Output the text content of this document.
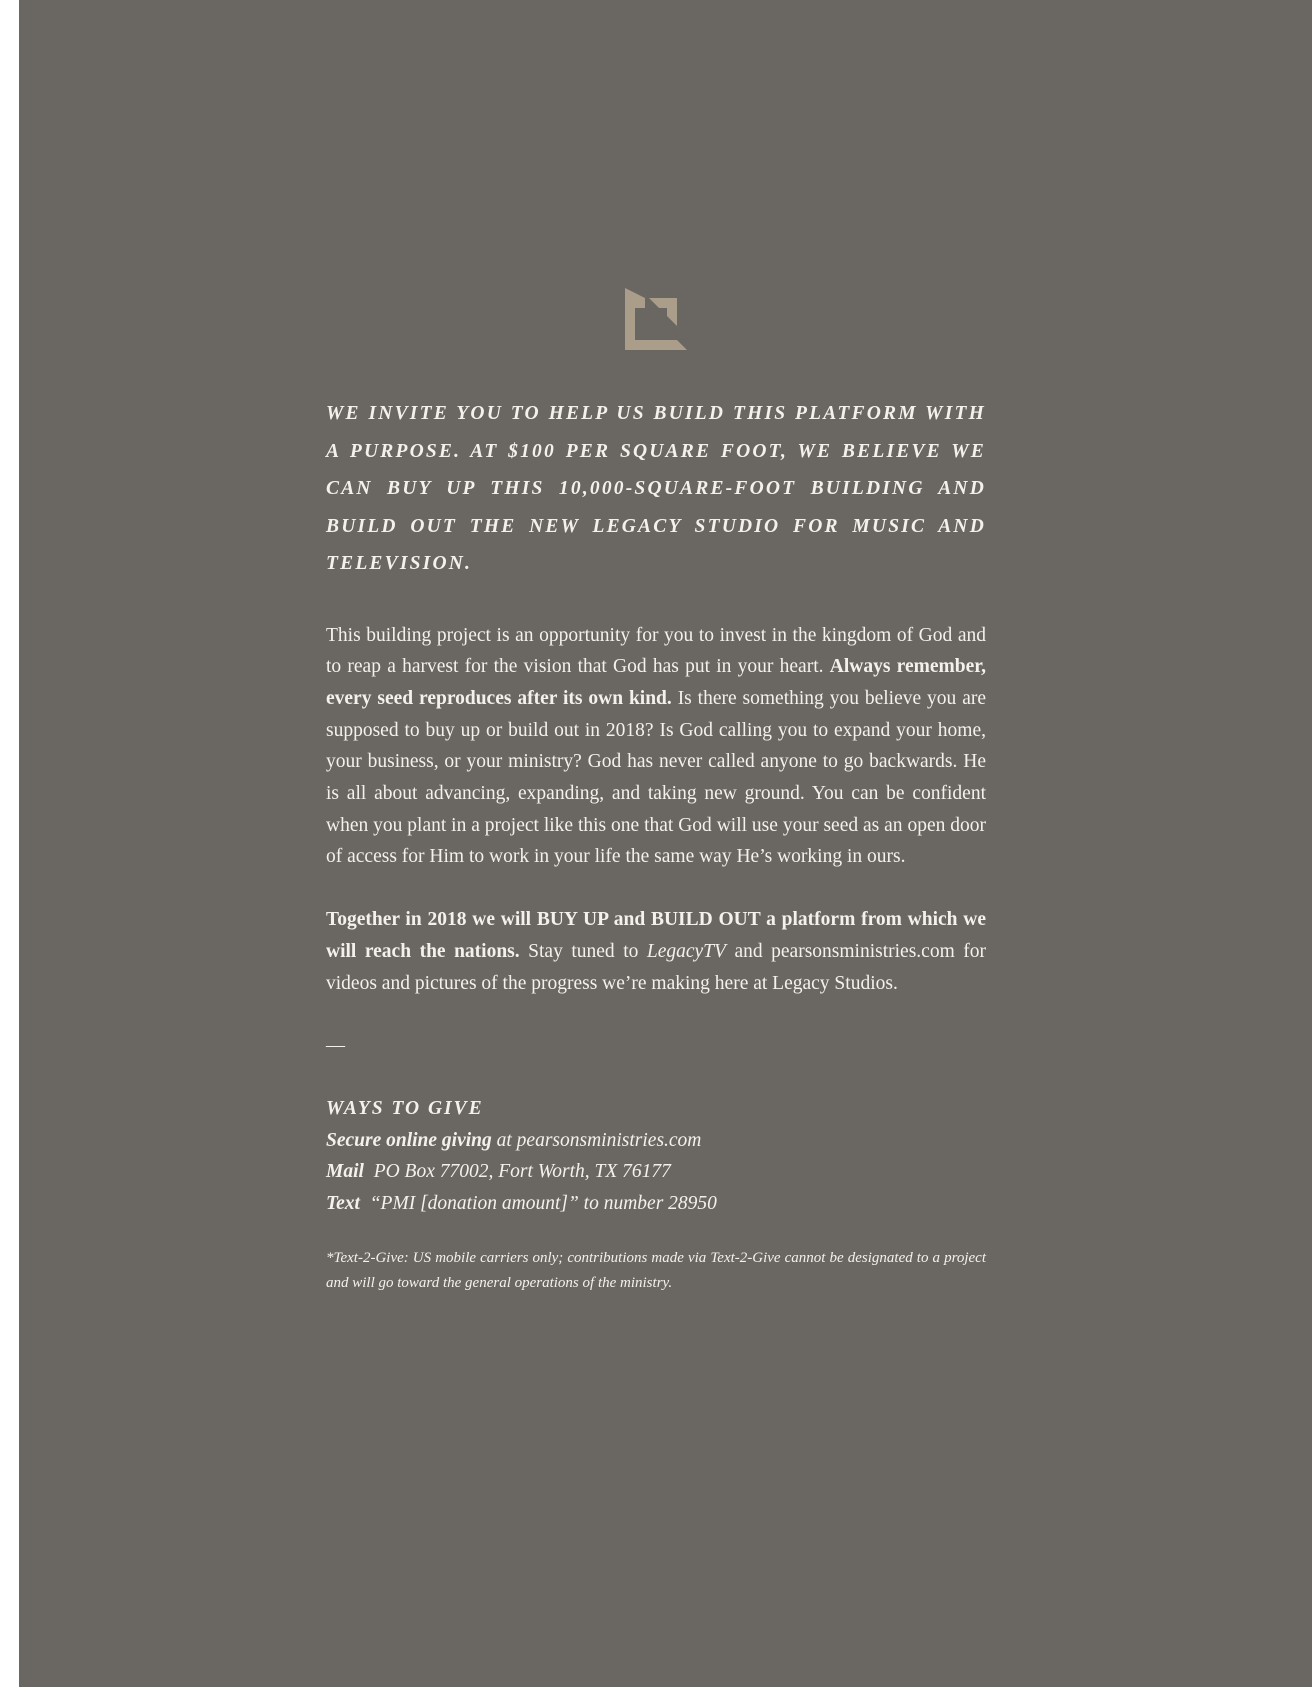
WE INVITE YOU TO HELP US BUILD THIS PLATFORM WITH A PURPOSE. AT $100 PER SQUARE FOOT, WE BELIEVE WE CAN BUY UP THIS 10,000-SQUARE-FOOT BUILDING AND BUILD OUT THE NEW LEGACY STUDIO FOR MUSIC AND TELEVISION.

This building project is an opportunity for you to invest in the kingdom of God and to reap a harvest for the vision that God has put in your heart. Always remember, every seed reproduces after its own kind. Is there something you believe you are supposed to buy up or build out in 2018? Is God calling you to expand your home, your business, or your ministry? God has never called anyone to go backwards. He is all about advancing, expanding, and taking new ground. You can be confident when you plant in a project like this one that God will use your seed as an open door of access for Him to work in your life the same way He’s working in ours.

Together in 2018 we will BUY UP and BUILD OUT a platform from which we will reach the nations. Stay tuned to LegacyTV and pearsonsministries.com for videos and pictures of the progress we’re making here at Legacy Studios.

—
WAYS TO GIVE
Secure online giving at pearsonsministries.com
Mail PO Box 77002, Fort Worth, TX 76177
Text “PMI [donation amount]” to number 28950

*Text-2-Give: US mobile carriers only; contributions made via Text-2-Give cannot be designated to a project and will go toward the general operations of the ministry.
